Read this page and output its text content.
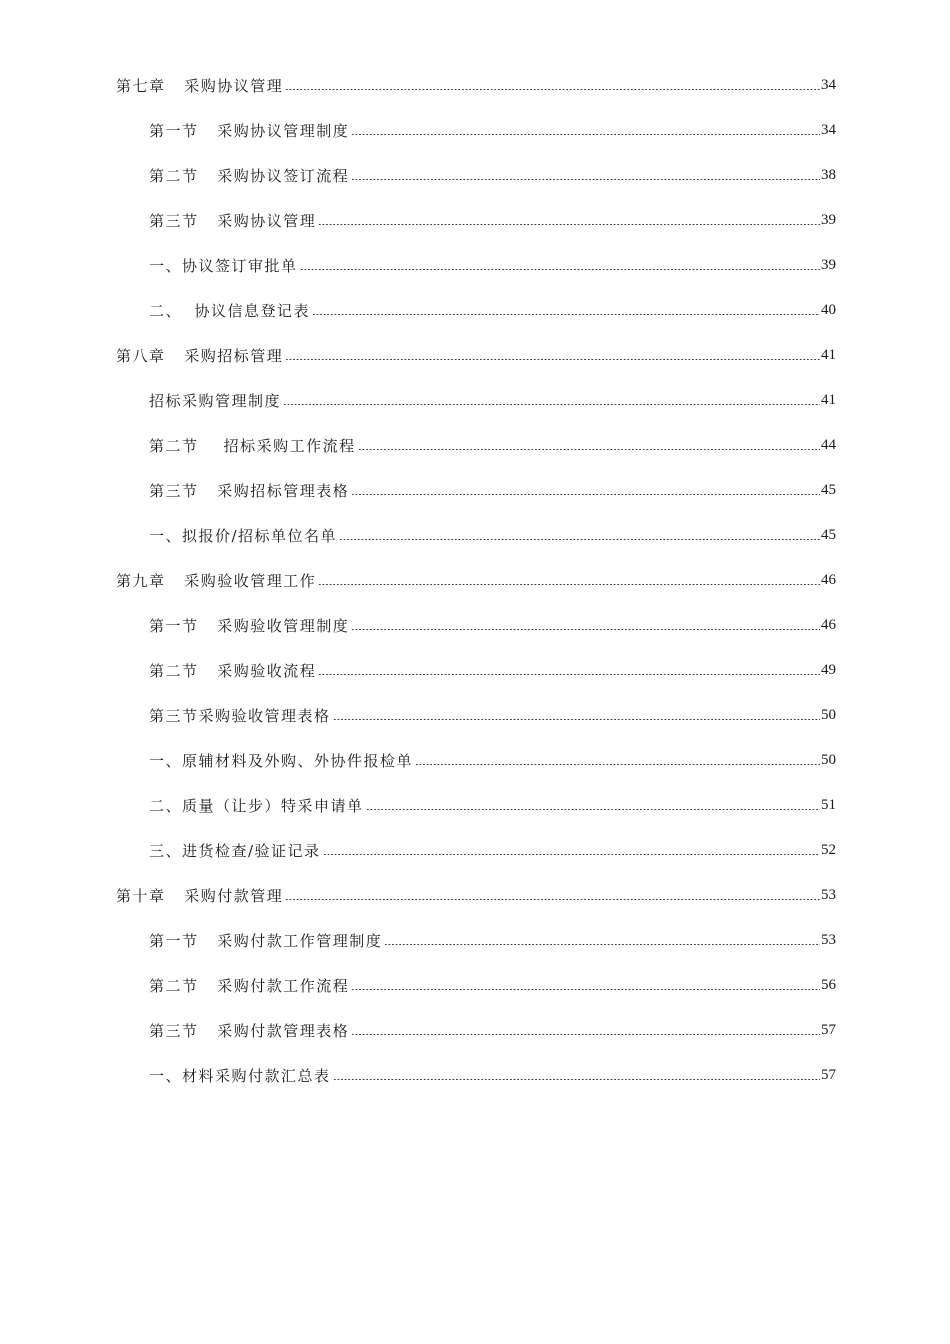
第七章   采购协议管理	34
第一节   采购协议管理制度	34
第二节   采购协议签订流程	38
第三节   采购协议管理	39
一、协议签订审批单	39
二、  协议信息登记表	40
第八章   采购招标管理	41
招标采购管理制度	41
第二节    招标采购工作流程	44
第三节   采购招标管理表格	45
一、拟报价/招标单位名单	45
第九章   采购验收管理工作	46
第一节   采购验收管理制度	46
第二节   采购验收流程	49
第三节采购验收管理表格	50
一、原辅材料及外购、外协件报检单	50
二、质量（让步）特采申请单	51
三、进货检查/验证记录	52
第十章   采购付款管理	53
第一节   采购付款工作管理制度	53
第二节   采购付款工作流程	56
第三节   采购付款管理表格	57
一、材料采购付款汇总表	57
